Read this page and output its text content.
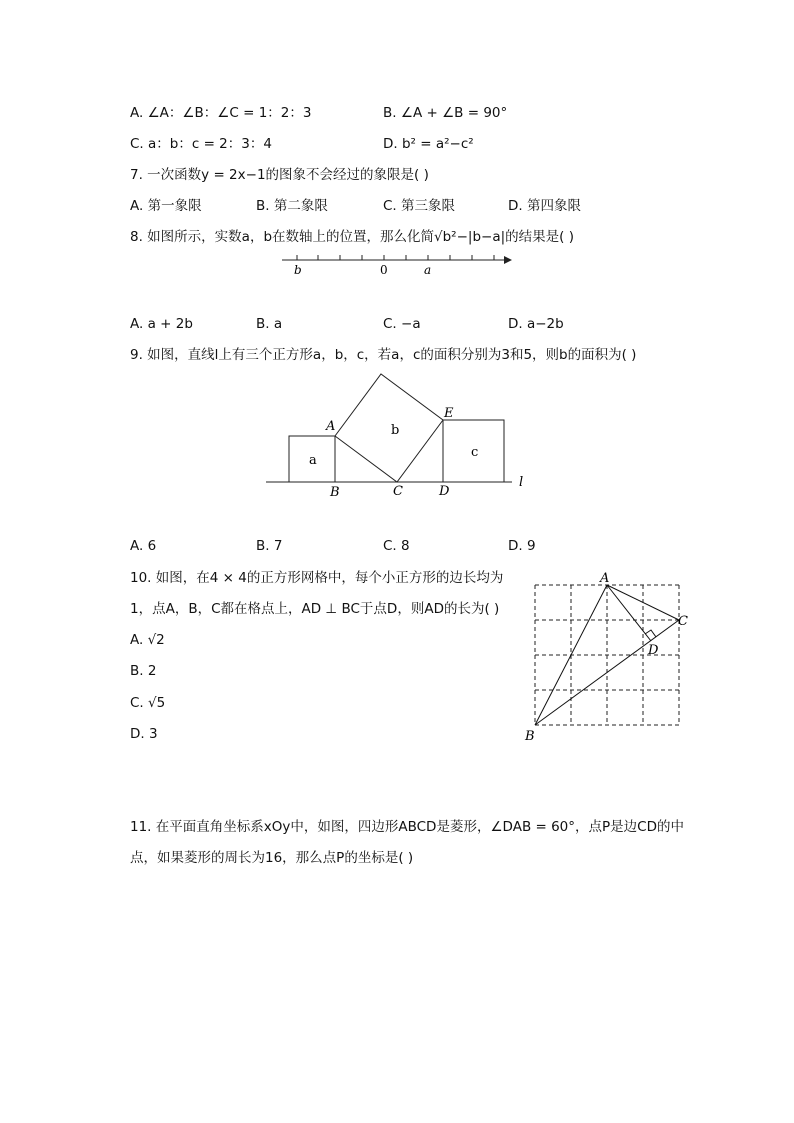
A. ∠A：∠B：∠C = 1：2：3	B. ∠A + ∠B = 90°
C. a：b：c = 2：3：4	D. b² = a²−c²
7. 一次函数y = 2x−1的图象不会经过的象限是( )
A. 第一象限	B. 第二象限	C. 第三象限	D. 第四象限
8. 如图所示，实数a，b在数轴上的位置，那么化简√b²−|b−a|的结果是( )
b	0	a
A. a + 2b	B. a	C. −a	D. a−2b
9. 如图，直线l上有三个正方形a，b，c，若a，c的面积分别为3和5，则b的面积为( )
A
B	C	D
E
a
b
c
l
A. 6	B. 7	C. 8	D. 9
10. 如图，在4 × 4的正方形网格中，每个小正方形的边长均为
1，点A，B，C都在格点上，AD ⊥ BC于点D，则AD的长为( )
A. √2
B. 2
C. √5
D. 3
A
B
C
D
11. 在平面直角坐标系xOy中，如图，四边形ABCD是菱形，∠DAB = 60°，点P是边CD的中
点，如果菱形的周长为16，那么点P的坐标是( )
